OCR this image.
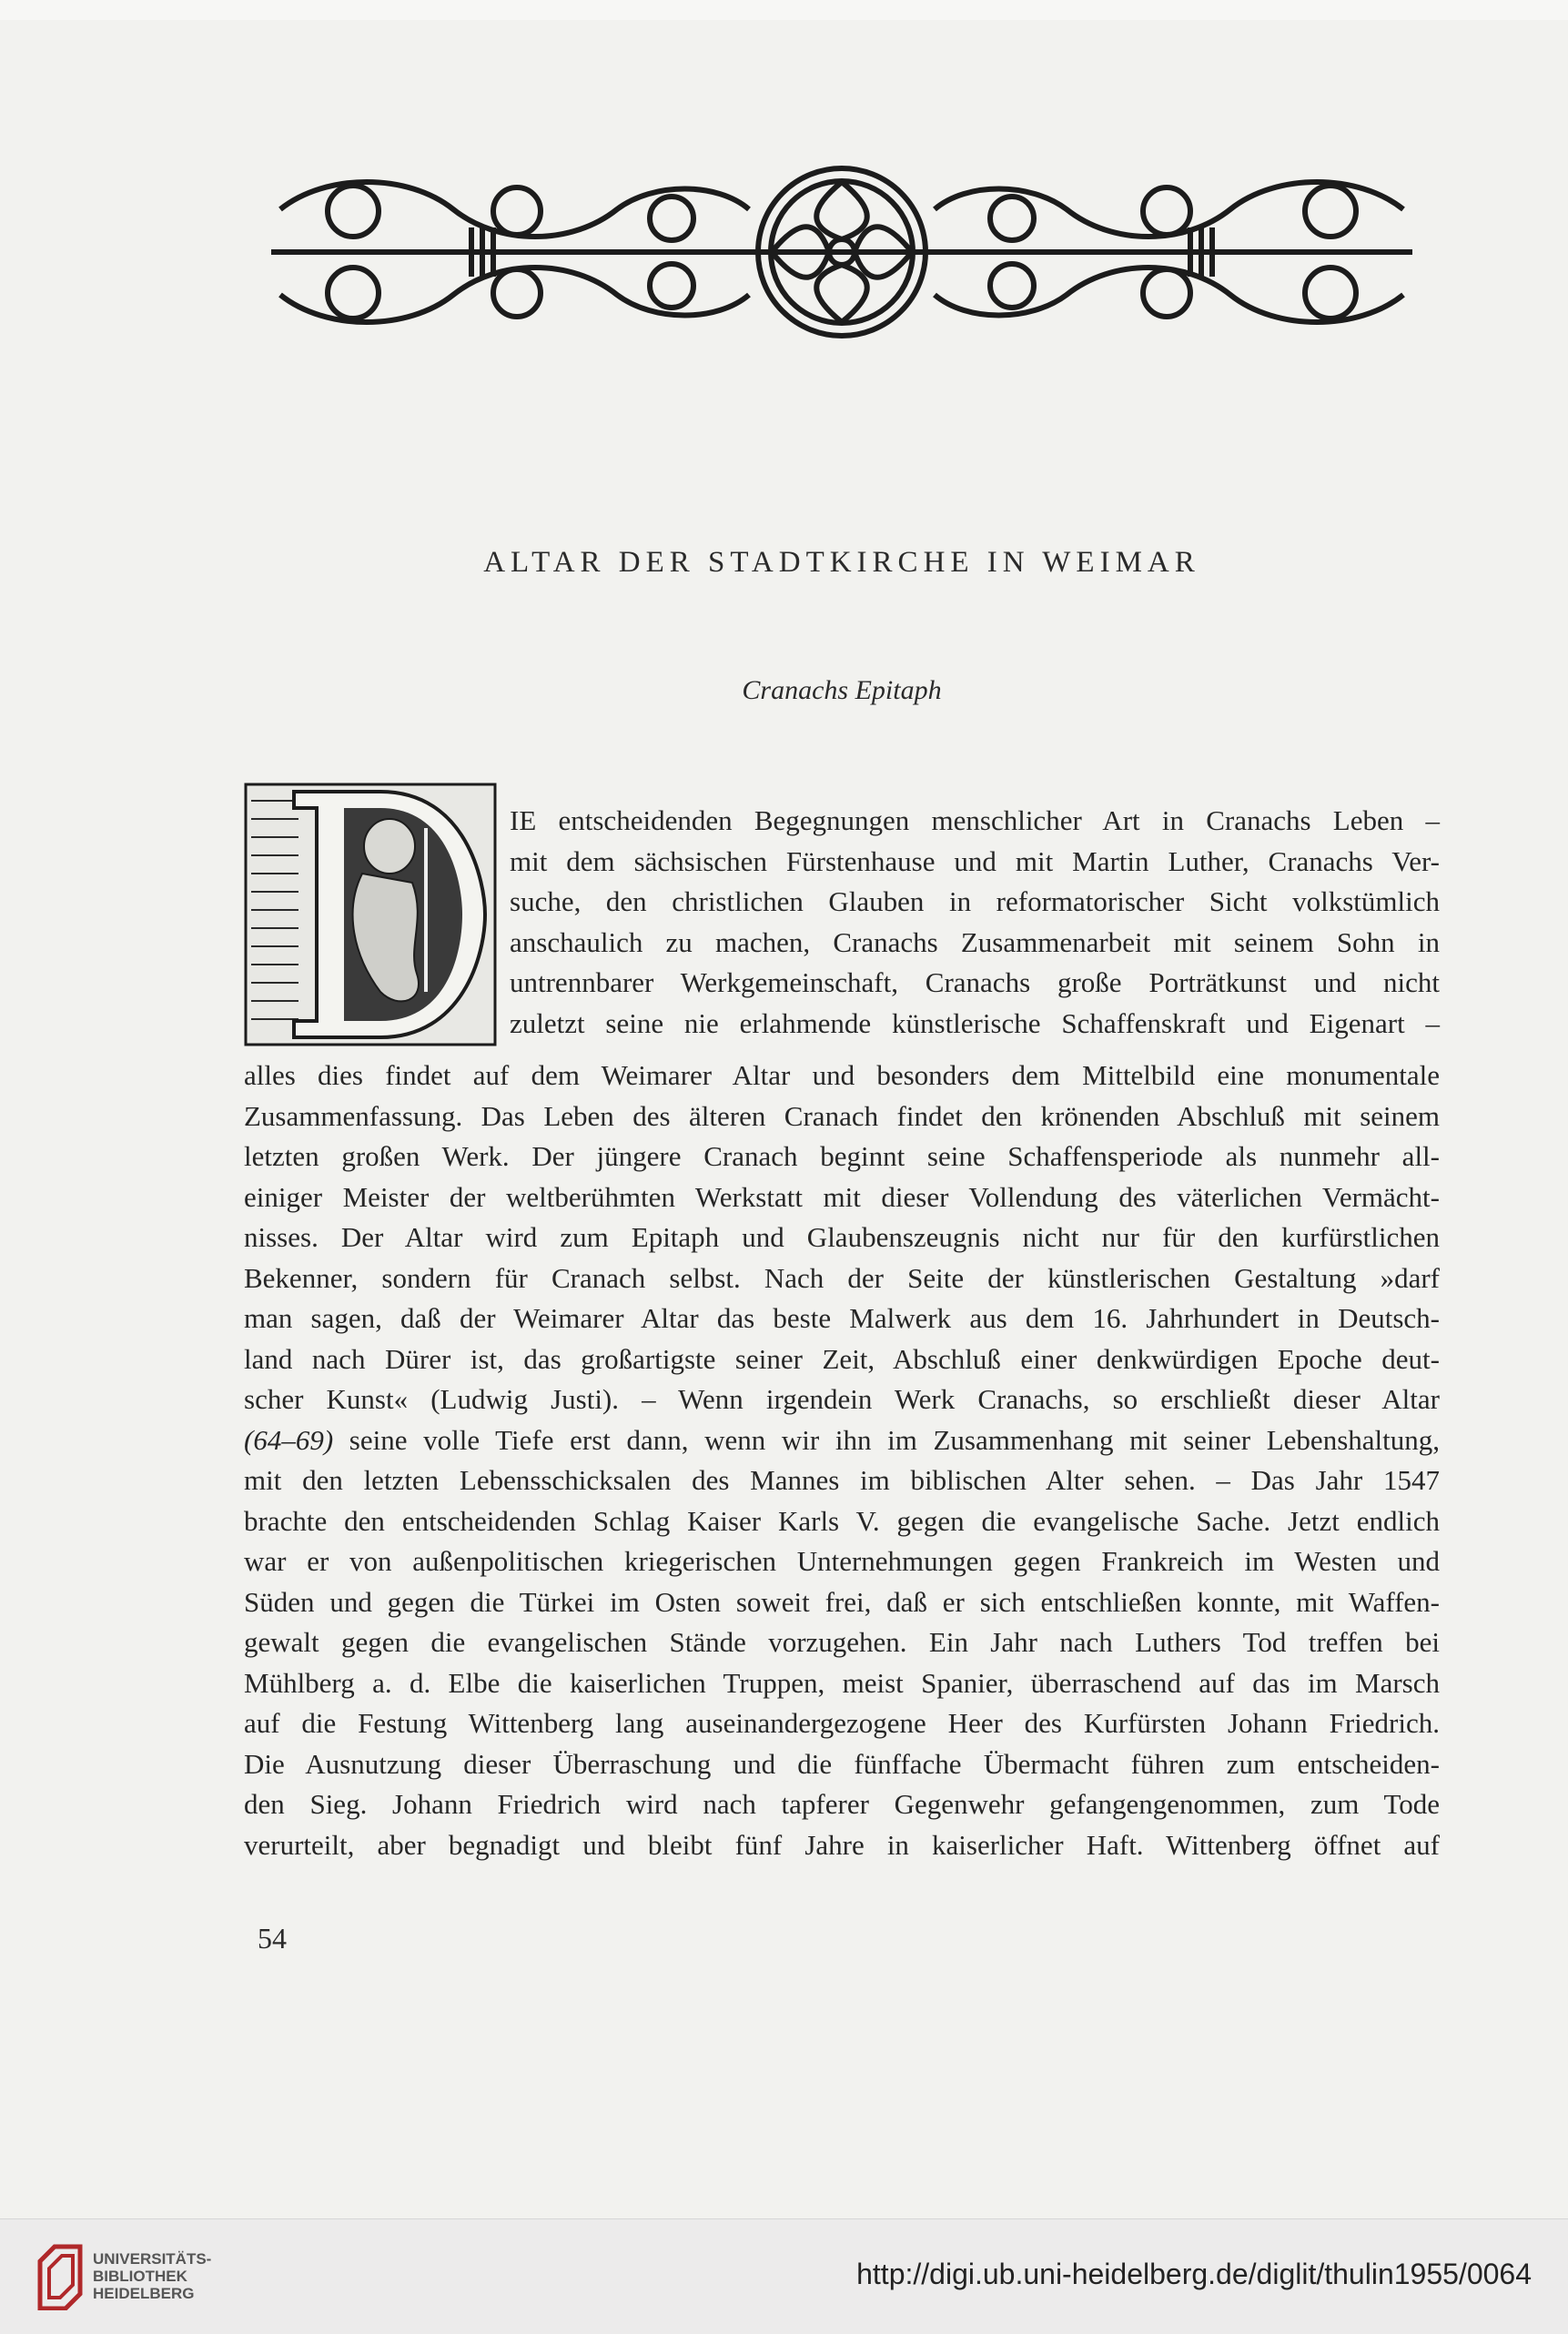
ALTAR DER STADTKIRCHE IN WEIMAR
Cranachs Epitaph
IE entscheidenden Begegnungen menschlicher Art in Cranachs Leben –
mit dem sächsischen Fürstenhause und mit Martin Luther, Cranachs Ver-
suche, den christlichen Glauben in reformatorischer Sicht volkstümlich
anschaulich zu machen, Cranachs Zusammenarbeit mit seinem Sohn in
untrennbarer Werkgemeinschaft, Cranachs große Porträtkunst und nicht
zuletzt seine nie erlahmende künstlerische Schaffenskraft und Eigenart –
alles dies findet auf dem Weimarer Altar und besonders dem Mittelbild eine monumentale
Zusammenfassung. Das Leben des älteren Cranach findet den krönenden Abschluß mit seinem
letzten großen Werk. Der jüngere Cranach beginnt seine Schaffensperiode als nunmehr all-
einiger Meister der weltberühmten Werkstatt mit dieser Vollendung des väterlichen Vermächt-
nisses. Der Altar wird zum Epitaph und Glaubenszeugnis nicht nur für den kurfürstlichen
Bekenner, sondern für Cranach selbst. Nach der Seite der künstlerischen Gestaltung »darf
man sagen, daß der Weimarer Altar das beste Malwerk aus dem 16. Jahrhundert in Deutsch-
land nach Dürer ist, das großartigste seiner Zeit, Abschluß einer denkwürdigen Epoche deut-
scher Kunst« (Ludwig Justi). – Wenn irgendein Werk Cranachs, so erschließt dieser Altar
(64–69) seine volle Tiefe erst dann, wenn wir ihn im Zusammenhang mit seiner Lebenshaltung,
mit den letzten Lebensschicksalen des Mannes im biblischen Alter sehen. – Das Jahr 1547
brachte den entscheidenden Schlag Kaiser Karls V. gegen die evangelische Sache. Jetzt endlich
war er von außenpolitischen kriegerischen Unternehmungen gegen Frankreich im Westen und
Süden und gegen die Türkei im Osten soweit frei, daß er sich entschließen konnte, mit Waffen-
gewalt gegen die evangelischen Stände vorzugehen. Ein Jahr nach Luthers Tod treffen bei
Mühlberg a. d. Elbe die kaiserlichen Truppen, meist Spanier, überraschend auf das im Marsch
auf die Festung Wittenberg lang auseinandergezogene Heer des Kurfürsten Johann Friedrich.
Die Ausnutzung dieser Überraschung und die fünffache Übermacht führen zum entscheiden-
den Sieg. Johann Friedrich wird nach tapferer Gegenwehr gefangengenommen, zum Tode
verurteilt, aber begnadigt und bleibt fünf Jahre in kaiserlicher Haft. Wittenberg öffnet auf
54
UNIVERSITÄTS-
BIBLIOTHEK
HEIDELBERG
http://digi.ub.uni-heidelberg.de/diglit/thulin1955/0064
